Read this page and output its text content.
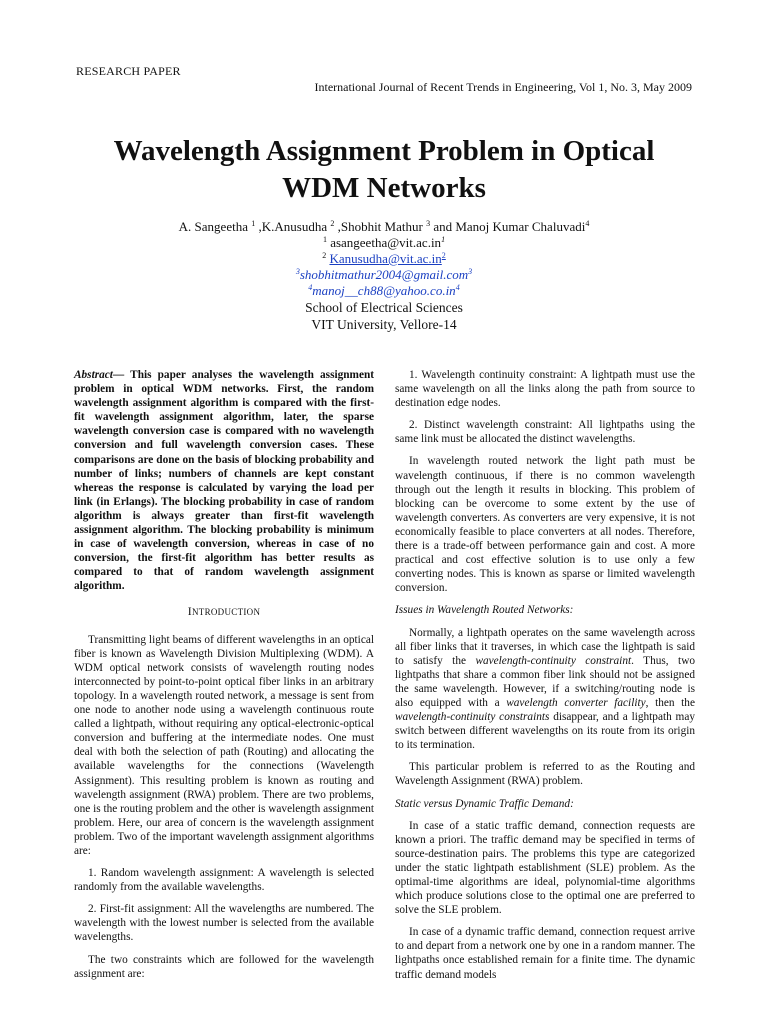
RESEARCH PAPER
International Journal of Recent Trends in Engineering, Vol 1, No. 3, May 2009
Wavelength Assignment Problem in Optical
WDM Networks
A. Sangeetha $^1$ ,K.Anusudha $^2$ ,Shobhit Mathur $^3$ and Manoj Kumar Chaluvadi$^4$
$^1$ $asangeetha@vit.ac.in^1$
$^2$ $Kanusudha@vit.ac.in^2$
$^3$shobhitmathur2004@gmail.com$^3$
$^4manoj\_\_ch88@yahoo.co.in^4$
School of Electrical Sciences
VIT University, Vellore-14

Abstract— This paper analyses the wavelength assignment problem in optical WDM networks. First, the random wavelength assignment algorithm is compared with the first-fit wavelength assignment algorithm, later, the sparse wavelength conversion case is compared with no wavelength conversion and full wavelength conversion cases. These comparisons are done on the basis of blocking probability and number of links; numbers of channels are kept constant whereas the response is calculated by varying the load per link (in Erlangs). The blocking probability in case of random algorithm is always greater than first-fit wavelength assignment algorithm. The blocking probability is minimum in case of wavelength conversion, whereas in case of no conversion, the first-fit algorithm has better results as compared to that of random wavelength assignment algorithm.

INTRODUCTION

Transmitting light beams of different wavelengths in an optical fiber is known as Wavelength Division Multiplexing (WDM). A WDM optical network consists of wavelength routing nodes interconnected by point-to-point optical fiber links in an arbitrary topology. In a wavelength routed network, a message is sent from one node to another node using a wavelength continuous route called a lightpath, without requiring any optical-electronic-optical conversion and buffering at the intermediate nodes. One must deal with both the selection of path (Routing) and allocating the available wavelengths for the connections (Wavelength Assignment). This resulting problem is known as routing and wavelength assignment (RWA) problem. There are two problems, one is the routing problem and the other is wavelength assignment problem. Here, our area of concern is the wavelength assignment problem. Two of the important wavelength assignment algorithms are:

1. Random wavelength assignment: A wavelength is selected randomly from the available wavelengths.

2. First-fit assignment: All the wavelengths are numbered. The wavelength with the lowest number is selected from the available wavelengths.

The two constraints which are followed for the wavelength assignment are:

1. Wavelength continuity constraint: A lightpath must use the same wavelength on all the links along the path from source to destination edge nodes.

2. Distinct wavelength constraint: All lightpaths using the same link must be allocated the distinct wavelengths.

In wavelength routed network the light path must be wavelength continuous, if there is no common wavelength through out the length it results in blocking. This problem of blocking can be overcome to some extent by the use of wavelength converters. As converters are very expensive, it is not economically feasible to place converters at all nodes. Therefore, there is a trade-off between performance gain and cost. A more practical and cost effective solution is to use only a few converting nodes. This is known as sparse or limited wavelength conversion.

Issues in Wavelength Routed Networks:

Normally, a lightpath operates on the same wavelength across all fiber links that it traverses, in which case the lightpath is said to satisfy the wavelength-continuity constraint. Thus, two lightpaths that share a common fiber link should not be assigned the same wavelength. However, if a switching/routing node is also equipped with a wavelength converter facility, then the wavelength-continuity constraints disappear, and a lightpath may switch between different wavelengths on its route from its origin to its termination.

This particular problem is referred to as the Routing and Wavelength Assignment (RWA) problem.

Static versus Dynamic Traffic Demand:

In case of a static traffic demand, connection requests are known a priori. The traffic demand may be specified in terms of source-destination pairs. The problems this type are categorized under the static lightpath establishment (SLE) problem. As the optimal-time algorithms are ideal, polynomial-time algorithms which produce solutions close to the optimal one are preferred to solve the SLE problem.

In case of a dynamic traffic demand, connection request arrive to and depart from a network one by one in a random manner. The lightpaths once established remain for a finite time. The dynamic traffic demand models
